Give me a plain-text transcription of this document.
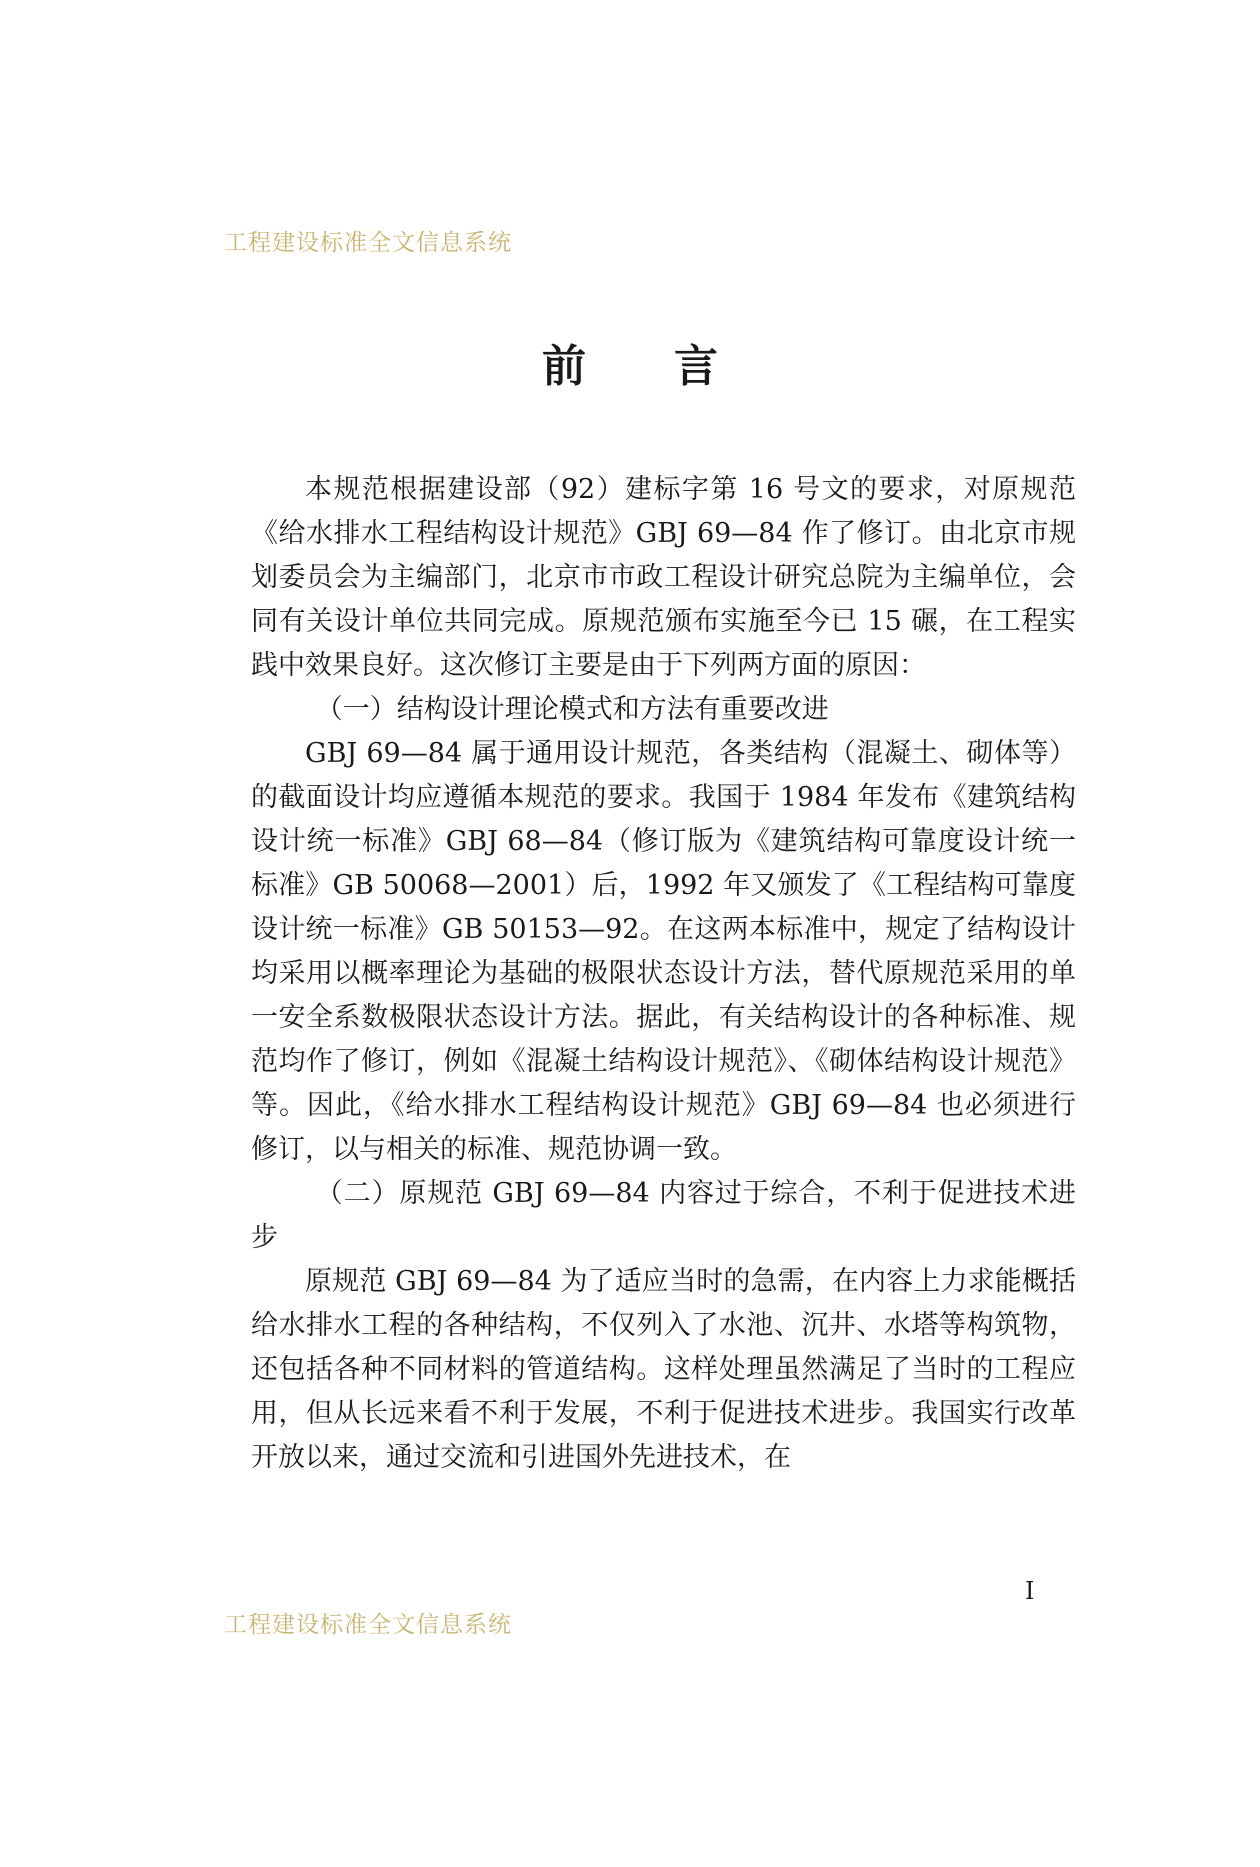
工程建设标准全文信息系统
前言

本规范根据建设部（92）建标字第 16 号文的要求，对原规范《给水排水工程结构设计规范》GBJ 69—84 作了修订。由北京市规划委员会为主编部门，北京市市政工程设计研究总院为主编单位，会同有关设计单位共同完成。原规范颁布实施至今已 15 碾，在工程实践中效果良好。这次修订主要是由于下列两方面的原因：

（一）结构设计理论模式和方法有重要改进

GBJ 69—84 属于通用设计规范，各类结构（混凝土、砌体等）的截面设计均应遵循本规范的要求。我国于 1984 年发布《建筑结构设计统一标准》GBJ 68—84（修订版为《建筑结构可靠度设计统一标准》GB 50068—2001）后，1992 年又颁发了《工程结构可靠度设计统一标准》GB 50153—92。在这两本标准中，规定了结构设计均采用以概率理论为基础的极限状态设计方法，替代原规范采用的单一安全系数极限状态设计方法。据此，有关结构设计的各种标准、规范均作了修订，例如《混凝土结构设计规范》、《砌体结构设计规范》等。因此，《给水排水工程结构设计规范》GBJ 69—84 也必须进行修订，以与相关的标准、规范协调一致。

（二）原规范 GBJ 69—84 内容过于综合，不利于促进技术进步

原规范 GBJ 69—84 为了适应当时的急需，在内容上力求能概括给水排水工程的各种结构，不仅列入了水池、沉井、水塔等构筑物，还包括各种不同材料的管道结构。这样处理虽然满足了当时的工程应用，但从长远来看不利于发展，不利于促进技术进步。我国实行改革开放以来，通过交流和引进国外先进技术，在

I
工程建设标准全文信息系统
